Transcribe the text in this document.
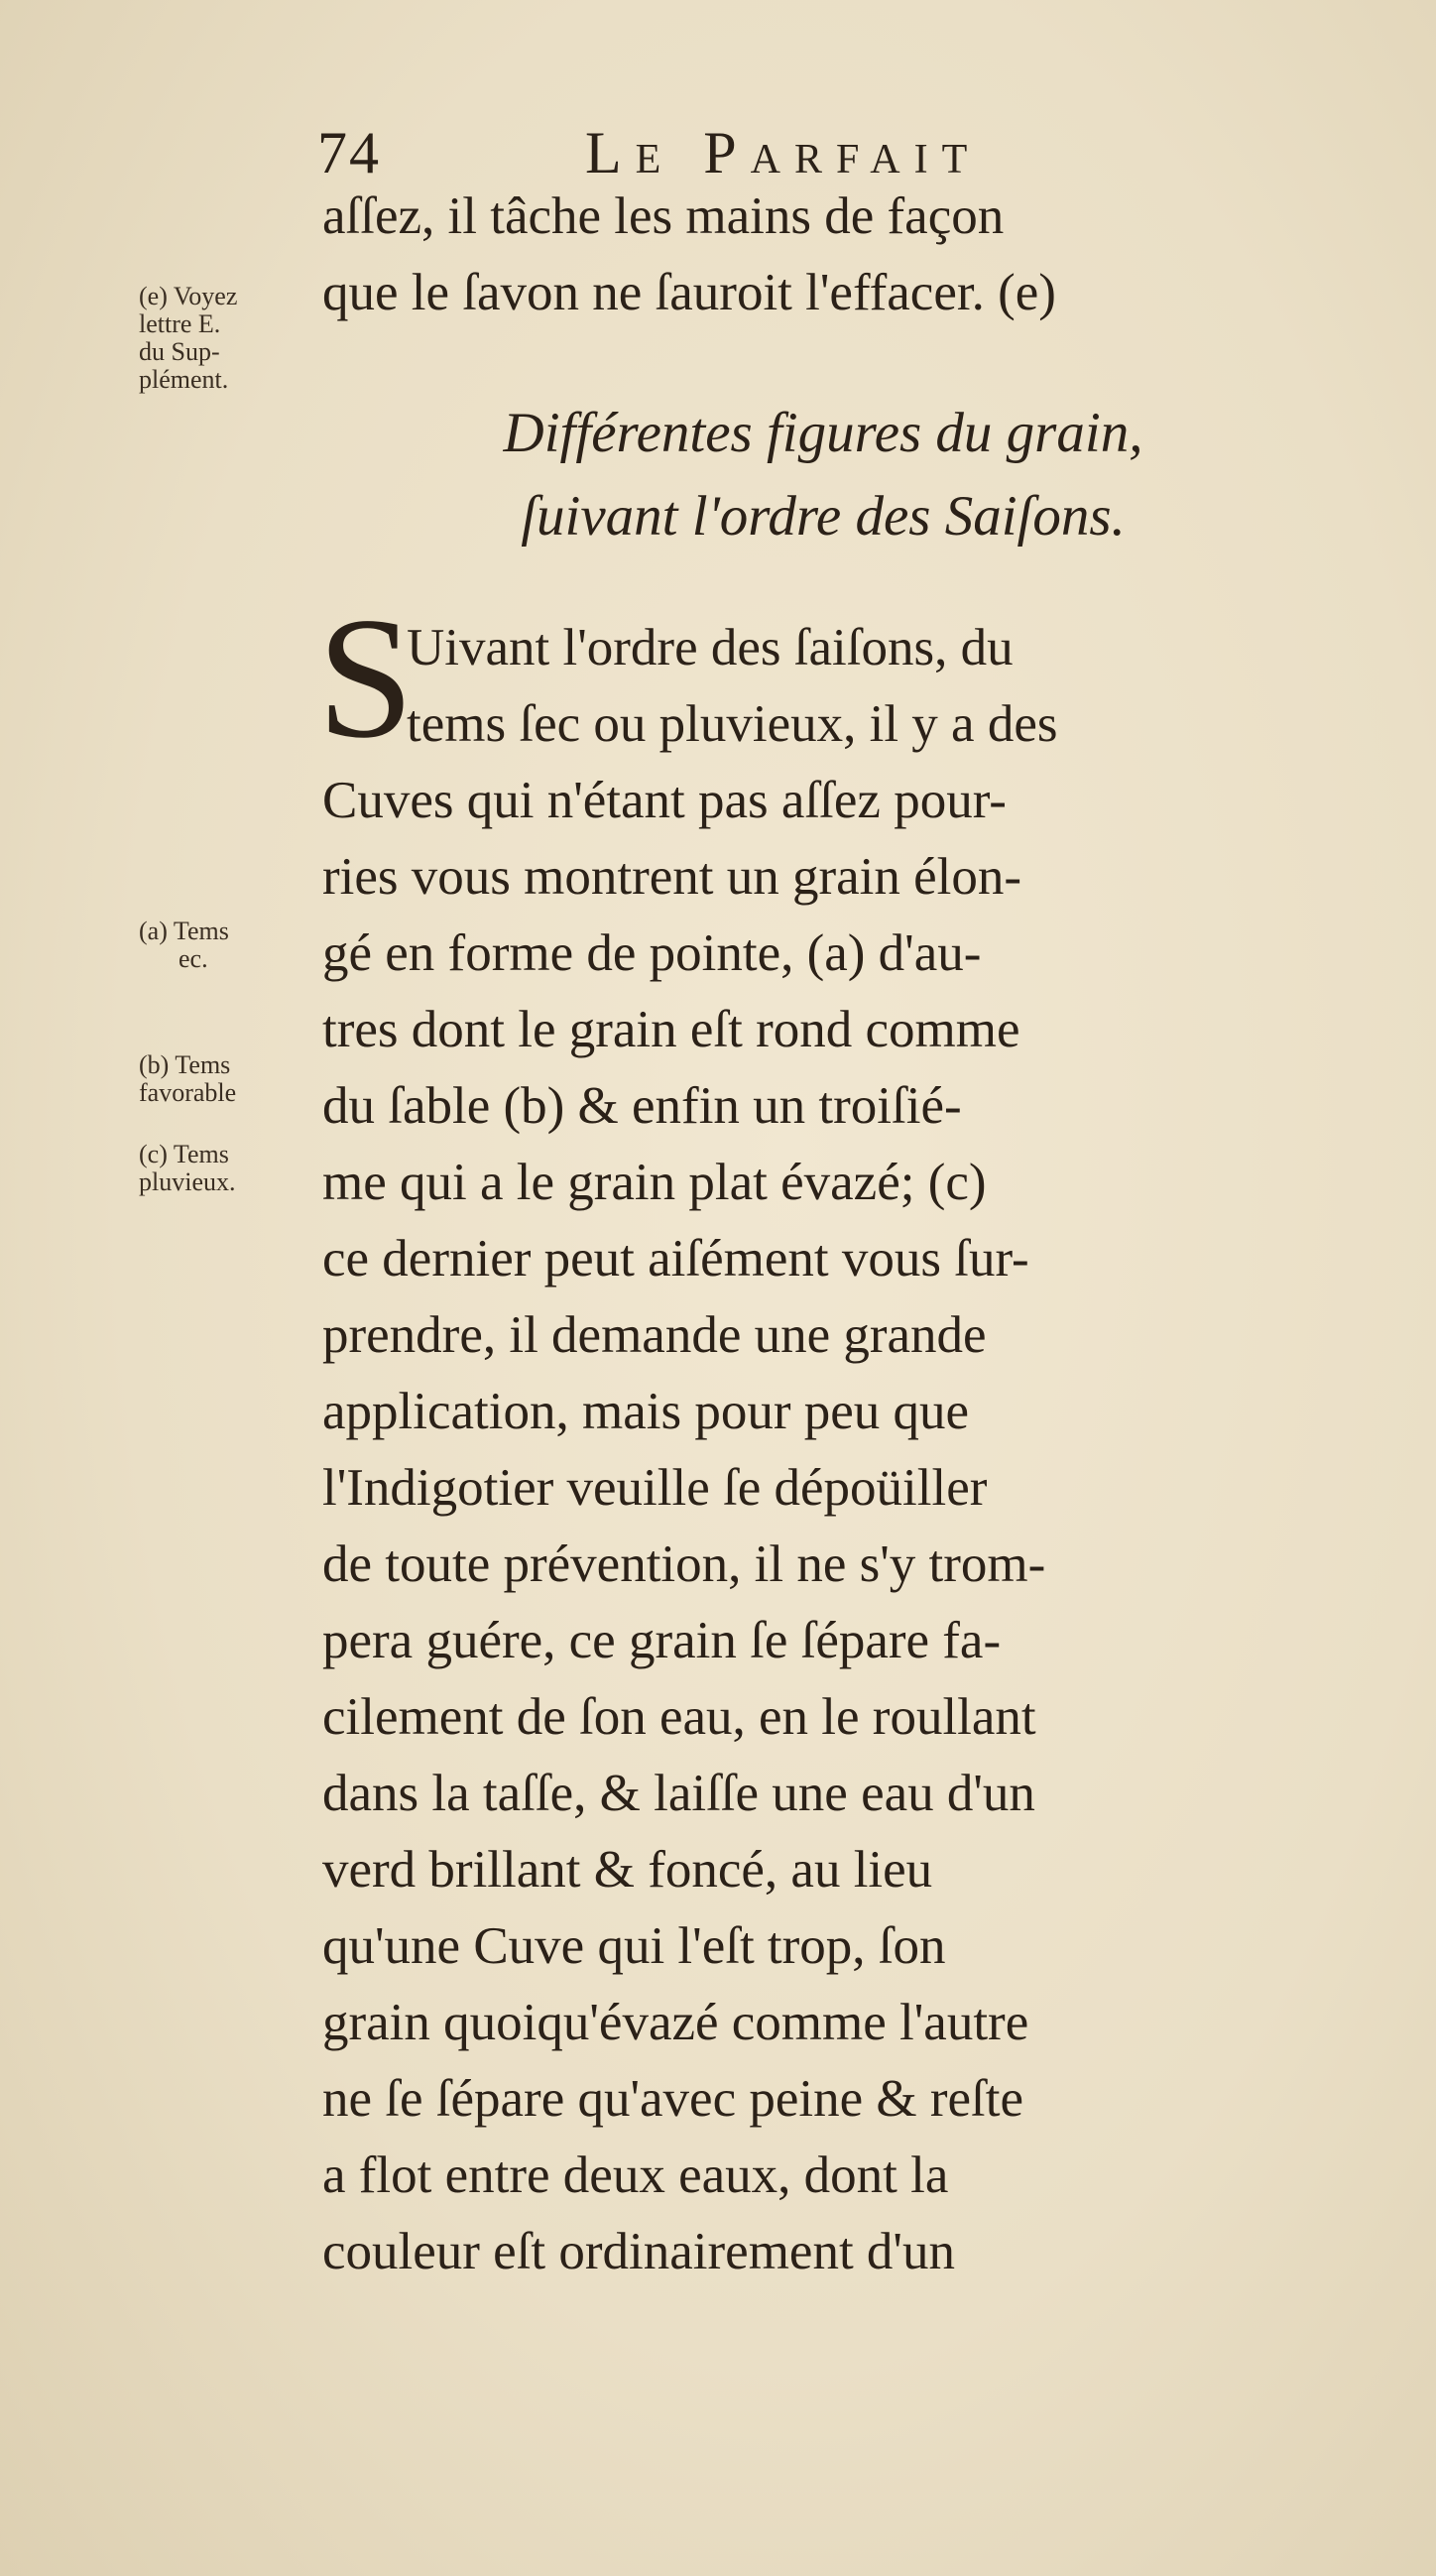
74	Le Parfait
aſſez, il tâche les mains de façon
que le ſavon ne ſauroit l'effacer. (e)
(e) Voyez
lettre E.
du Sup-
plément.
Différentes figures du grain,
ſuivant l'ordre des Saiſons.
S
Uivant l'ordre des ſaiſons, du
tems ſec ou pluvieux, il y a des
Cuves qui n'étant pas aſſez pour-
ries vous montrent un grain élon-
gé en forme de pointe, (a) d'au-
tres dont le grain eſt rond comme
du ſable (b) & enfin un troiſié-
me qui a le grain plat évazé; (c)
ce dernier peut aiſément vous ſur-
prendre, il demande une grande
application, mais pour peu que
l'Indigotier veuille ſe dépoüiller
de toute prévention, il ne s'y trom-
pera guére, ce grain ſe ſépare fa-
cilement de ſon eau, en le roullant
dans la taſſe, & laiſſe une eau d'un
verd brillant & foncé, au lieu
qu'une Cuve qui l'eſt trop, ſon
grain quoiqu'évazé comme l'autre
ne ſe ſépare qu'avec peine & reſte
a flot entre deux eaux, dont la
couleur eſt ordinairement d'un
(a) Tems
ec.
(b) Tems
favorable
(c) Tems
pluvieux.
